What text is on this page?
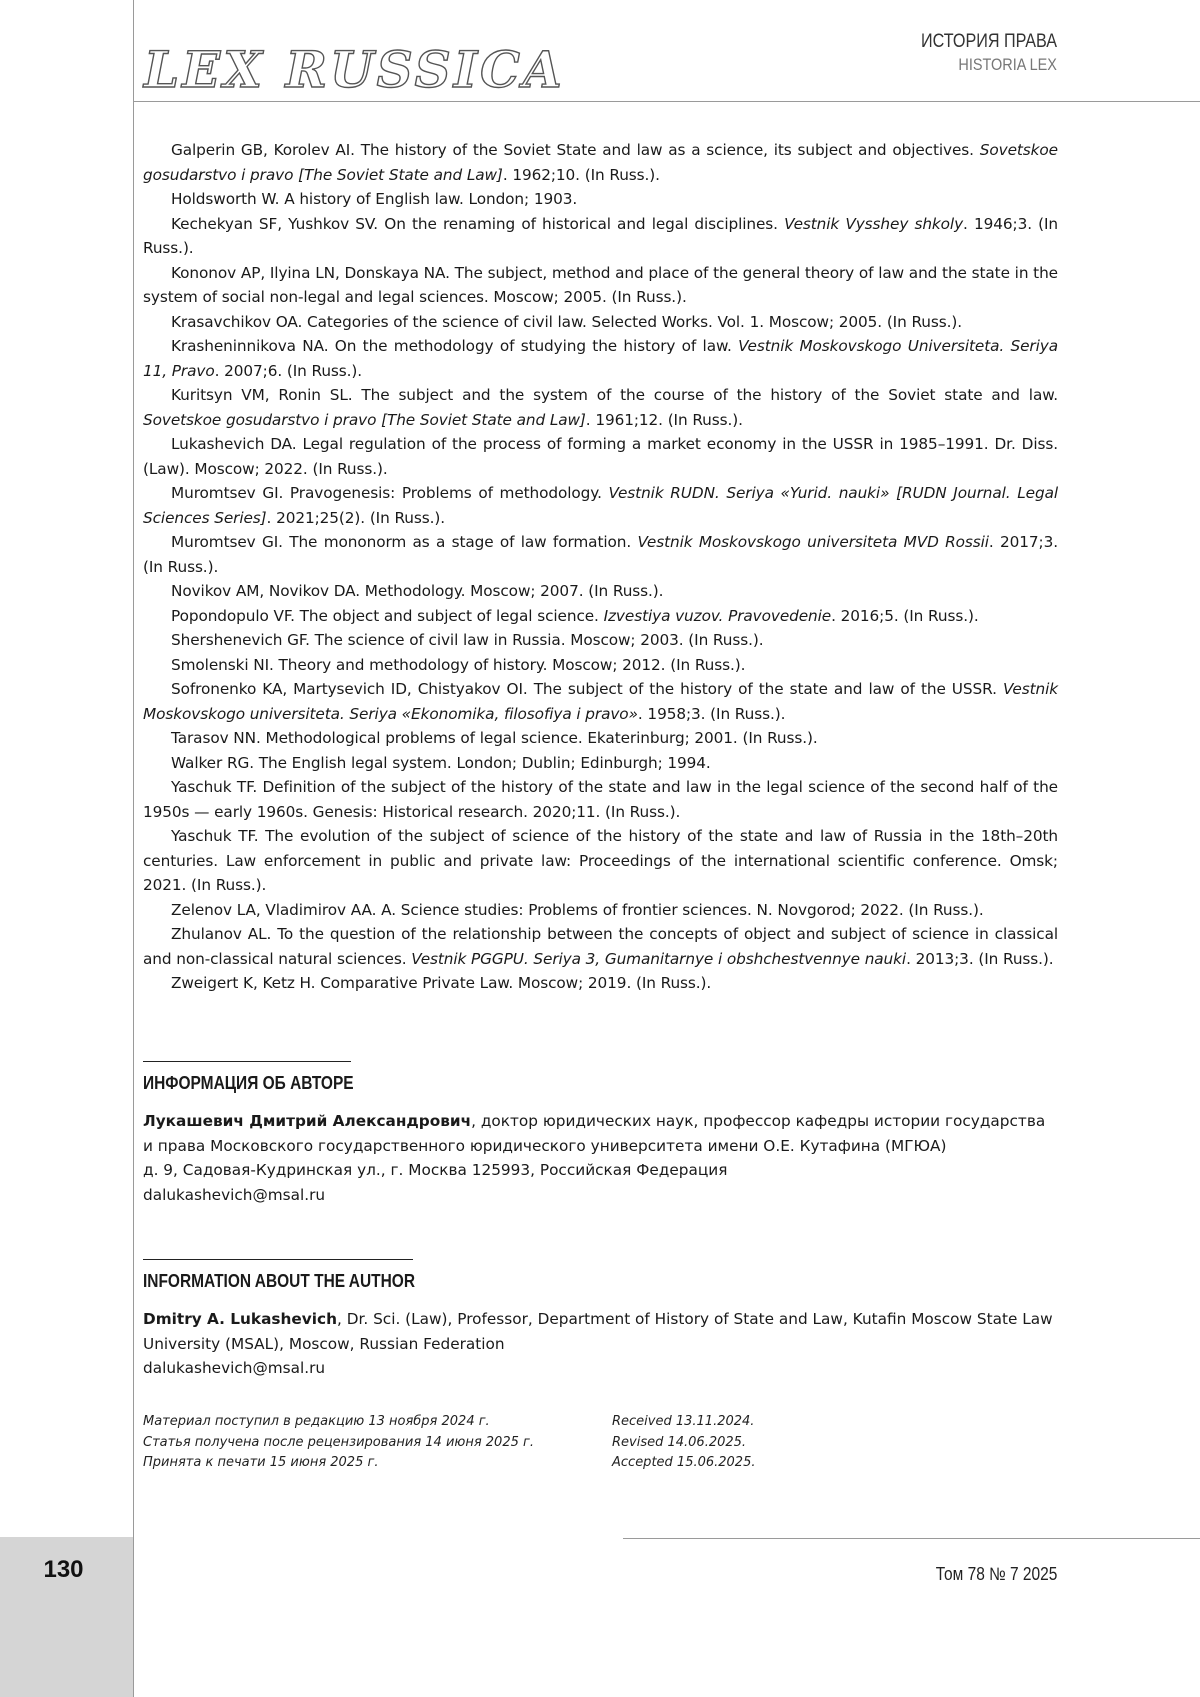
130
LEX RUSSICA	ИСТОРИЯ ПРАВА
HISTORIA LEX
Galperin GB, Korolev AI. The history of the Soviet State and law as a science, its subject and objectives. Sovetskoe gosudarstvo i pravo [The Soviet State and Law]. 1962;10. (In Russ.).
Holdsworth W. A history of English law. London; 1903.
Kechekyan SF, Yushkov SV. On the renaming of historical and legal disciplines. Vestnik Vysshey shkoly. 1946;3. (In Russ.).
Kononov AP, Ilyina LN, Donskaya NA. The subject, method and place of the general theory of law and the state in the system of social non-legal and legal sciences. Moscow; 2005. (In Russ.).
Krasavchikov OA. Categories of the science of civil law. Selected Works. Vol. 1. Moscow; 2005. (In Russ.).
Krasheninnikova NA. On the methodology of studying the history of law. Vestnik Moskovskogo Universiteta. Seriya 11, Pravo. 2007;6. (In Russ.).
Kuritsyn VM, Ronin SL. The subject and the system of the course of the history of the Soviet state and law. Sovetskoe gosudarstvo i pravo [The Soviet State and Law]. 1961;12. (In Russ.).
Lukashevich DA. Legal regulation of the process of forming a market economy in the USSR in 1985–1991. Dr. Diss. (Law). Moscow; 2022. (In Russ.).
Muromtsev GI. Pravogenesis: Problems of methodology. Vestnik RUDN. Seriya «Yurid. nauki» [RUDN Journal. Legal Sciences Series]. 2021;25(2). (In Russ.).
Muromtsev GI. The mononorm as a stage of law formation. Vestnik Moskovskogo universiteta MVD Rossii. 2017;3. (In Russ.).
Novikov AM, Novikov DA. Methodology. Moscow; 2007. (In Russ.).
Popondopulo VF. The object and subject of legal science. Izvestiya vuzov. Pravovedenie. 2016;5. (In Russ.).
Shershenevich GF. The science of civil law in Russia. Moscow; 2003. (In Russ.).
Smolenski NI. Theory and methodology of history. Moscow; 2012. (In Russ.).
Sofronenko KA, Martysevich ID, Chistyakov OI. The subject of the history of the state and law of the USSR. Vestnik Moskovskogo universiteta. Seriya «Ekonomika, filosofiya i pravo». 1958;3. (In Russ.).
Tarasov NN. Methodological problems of legal science. Ekaterinburg; 2001. (In Russ.).
Walker RG. The English legal system. London; Dublin; Edinburgh; 1994.
Yaschuk TF. Definition of the subject of the history of the state and law in the legal science of the second half of the 1950s — early 1960s. Genesis: Historical research. 2020;11. (In Russ.).
Yaschuk TF. The evolution of the subject of science of the history of the state and law of Russia in the 18th–20th centuries. Law enforcement in public and private law: Proceedings of the international scientific conference. Omsk; 2021. (In Russ.).
Zelenov LA, Vladimirov AA. A. Science studies: Problems of frontier sciences. N. Novgorod; 2022. (In Russ.).
Zhulanov AL. To the question of the relationship between the concepts of object and subject of science in classical and non-classical natural sciences. Vestnik PGGPU. Seriya 3, Gumanitarnye i obshchestvennye nauki. 2013;3. (In Russ.).
Zweigert K, Ketz H. Comparative Private Law. Moscow; 2019. (In Russ.).
ИНФОРМАЦИЯ ОБ АВТОРЕ
Лукашевич Дмитрий Александрович, доктор юридических наук, профессор кафедры истории государства и права Московского государственного юридического университета имени О.Е. Кутафина (МГЮА)
д. 9, Садовая-Кудринская ул., г. Москва 125993, Российская Федерация
dalukashevich@msal.ru
INFORMATION ABOUT THE AUTHOR
Dmitry A. Lukashevich, Dr. Sci. (Law), Professor, Department of History of State and Law, Kutafin Moscow State Law University (MSAL), Moscow, Russian Federation
dalukashevich@msal.ru
Материал поступил в редакцию 13 ноября 2024 г.
Статья получена после рецензирования 14 июня 2025 г.
Принята к печати 15 июня 2025 г.
Received 13.11.2024.
Revised 14.06.2025.
Accepted 15.06.2025.
Том 78 № 7 2025
